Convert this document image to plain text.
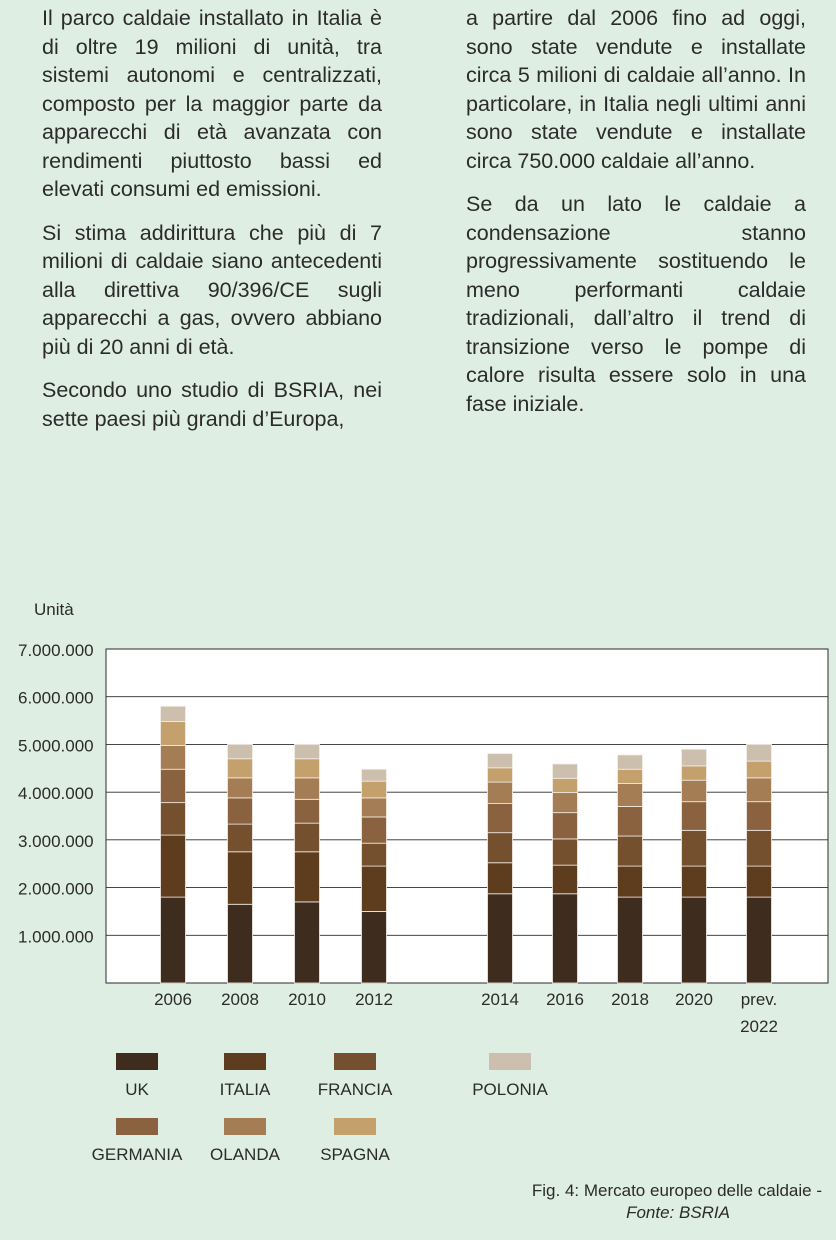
Il parco caldaie installato in Italia è di oltre 19 milioni di unità, tra sistemi autonomi e centralizzati, composto per la maggior parte da apparecchi di età avanzata con rendimenti piuttosto bassi ed elevati consumi ed emissioni.

Si stima addirittura che più di 7 milioni di caldaie siano antecedenti alla direttiva 90/396/CE sugli apparecchi a gas, ovvero abbiano più di 20 anni di età.

Secondo uno studio di BSRIA, nei sette paesi più grandi d’Europa,

a partire dal 2006 fino ad oggi, sono state vendute e installate circa 5 milioni di caldaie all’anno. In particolare, in Italia negli ultimi anni sono state vendute e installate circa 750.000 caldaie all’anno.

Se da un lato le caldaie a condensazione stanno progressivamente sostituendo le meno performanti caldaie tradizionali, dall’altro il trend di transizione verso le pompe di calore risulta essere solo in una fase iniziale.

1.000.000
2.000.000
3.000.000
4.000.000
5.000.000
6.000.000
7.000.000
Unità
2006 2008 2010 2012	2014 2016 2018 2020 prev.
2022
UK	ITALIA	FRANCIA
GERMANIA OLANDA SPAGNA
POLONIA
Fig. 4: Mercato europeo delle caldaie -
Fonte: BSRIA
